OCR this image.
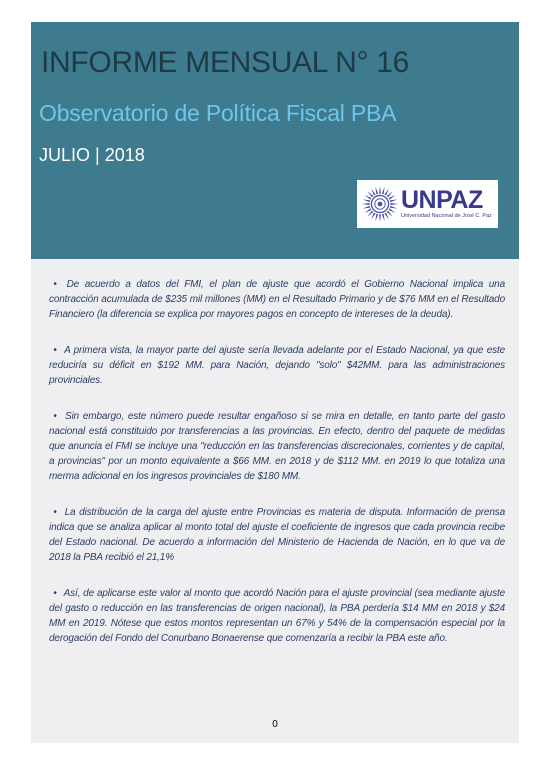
INFORME MENSUAL N° 16
Observatorio de Política Fiscal PBA
JULIO | 2018
UNPAZ
Universidad Nacional de José C. Paz

• De acuerdo a datos del FMI, el plan de ajuste que acordó el Gobierno Nacional implica una contracción acumulada de $235 mil millones (MM) en el Resultado Primario y de $76 MM en el Resultado Financiero (la diferencia se explica por mayores pagos en concepto de intereses de la deuda).

• A primera vista, la mayor parte del ajuste sería llevada adelante por el Estado Nacional, ya que este reduciría su déficit en $192 MM. para Nación, dejando "solo" $42MM. para las administraciones provinciales.

• Sin embargo, este número puede resultar engañoso si se mira en detalle, en tanto parte del gasto nacional está constituido por transferencias a las provincias. En efecto, dentro del paquete de medidas que anuncia el FMI se incluye una "reducción en las transferencias discrecionales, corrientes y de capital, a provincias" por un monto equivalente a $66 MM. en 2018 y de $112 MM. en 2019 lo que totaliza una merma adicional en los ingresos provinciales de $180 MM.

• La distribución de la carga del ajuste entre Provincias es materia de disputa. Información de prensa indica que se analiza aplicar al monto total del ajuste el coeficiente de ingresos que cada provincia recibe del Estado nacional. De acuerdo a información del Ministerio de Hacienda de Nación, en lo que va de 2018 la PBA recibió el 21,1%

• Así, de aplicarse este valor al monto que acordó Nación para el ajuste provincial (sea mediante ajuste del gasto o reducción en las transferencias de origen nacional), la PBA perdería $14 MM en 2018 y $24 MM en 2019. Nótese que estos montos representan un 67% y 54% de la compensación especial por la derogación del Fondo del Conurbano Bonaerense que comenzaría a recibir la PBA este año.

0
